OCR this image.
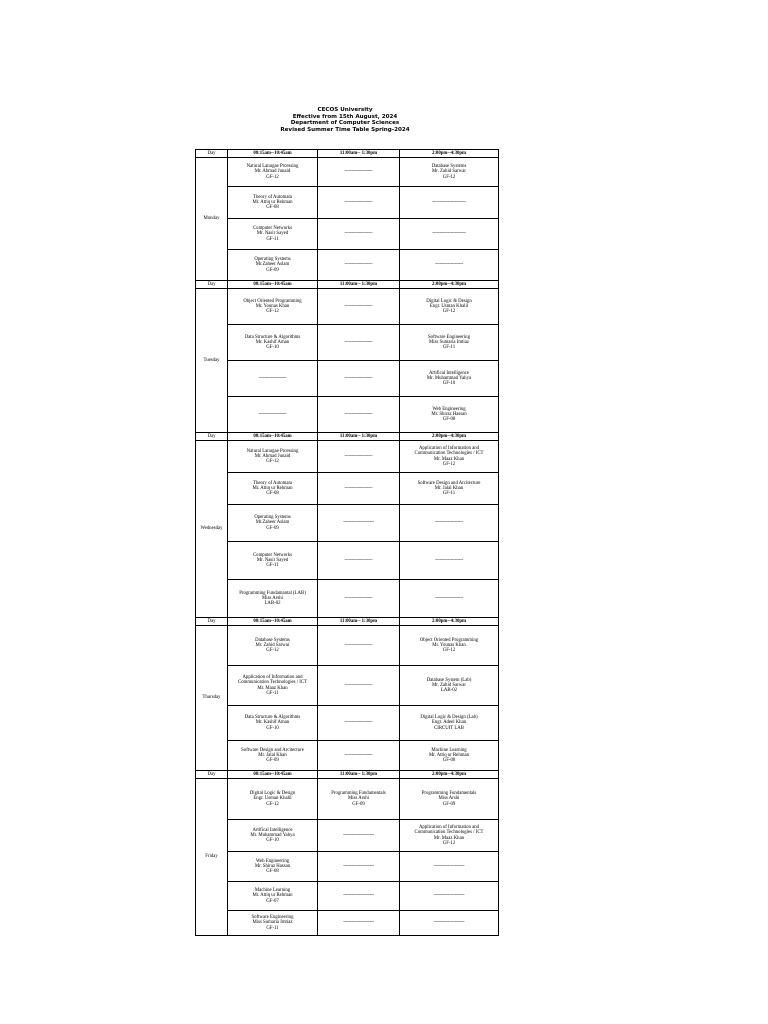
CECOS University
Effective from 15th August, 2024
Department of Computer Sciences
Revised Summer Time Table Spring-2024
Day	08:15am--10:45am	11:00am-- 1:30pm	2:00pm--4:30pm
Monday	Natural Lanugae Prcessing
Mr. Ahmad Junaid
GF-12	--------------------	Database Systems
Mr. Zahid Sarwar
GF-12

	Theory of Automata
Mr. Attiq ur Rehman
GF-08	--------------------	------------------------

	Computer Networks
Mr. Nasir Sayed
GF-11	--------------------	------------------------

	Operating Systems
Mr.Zaheer Aslam
GF-09	--------------------	--------------------
Day	08:15am--10:45am	11:00am-- 1:30pm	2:00pm--4:30pm
Tuesday	Object Oriented Programming
Mr. Younas Khan
GF-12	--------------------	Digital Logic & Design
Engr. Usman Khalil
GF-12

	Data Structure & Algorithms
Mr. Kashif Aman
GF-10	--------------------	Software Engineering
Miss Sumaria Imtiaz
GF-11

	--------------------	--------------------	Artifical Intelligence
Mr. Muhammad Yahya
GF-10

	--------------------	--------------------	Web Engineering
Mr. Shiraz Hassan
GF-08

Day	08:15am--10:45am	11:00am-- 1:30pm	2:00pm--4:30pm
Wednesday	Natural Lanugae Prcessing
Mr. Ahmad Junaid
GF-12	--------------------	Application of Information and
Communication Technologies / ICT
Mr. Maaz Khan
GF-12

	Theory of Automata
Mr. Attiq ur Rehman
GF-08	--------------------	Software Design and Arcitecture
Mr. Jalal Khan
GF-11

	Operating Systems
Mr.Zaheer Aslam
GF-09	----------------------	--------------------

	Computer Networks
Mr. Nasir Sayed
GF-11	--------------------	--------------------

	Programming Fundamantal (LAB)
Miss Arshi
LAB-02	--------------------	--------------------
Day	08:15am--10:45am	11:00am-- 1:30pm	2:00pm--4:30pm
Thursday	Database Systems
Mr. Zahid Sarwar
GF-12	--------------------	Object Oriented Programming
Mr. Younas Khan
GF-12

	Application of Information and
Communication Technologies / ICT
Mr. Maaz Khan
GF-11	--------------------	Database System (Lab)
Mr. Zahid Sarwar
LAB-02

	Data Structure & Algorithms
Mr. Kashif Aman
GF-10	--------------------	Digital Logic & Design (Lab)
Engr. Adeel Khan
CIRCUIT LAB

	Software Design and Arcitecture
Mr. Jalal Khan
GF-09	--------------------	Machine Learning
Mr. Attiq ur Rehman
GF-08

Day	08:15am--10:45am	11:00am-- 1:30pm	2:00pm--4:30pm
Friday	Digital Logic & Design
Engr. Usman Khalil
GF-12	Programming Fundamentals
Miss Arshi
GF-09	Programming Fundamentals
Miss Arshi
GF-09

	Artifical Intelligence
Mr. Muhammad Yahya
GF-10	----------------------	Application of Information and
Communication Technologies / ICT
Mr. Maaz Khan
GF-12

	Web Engineering
Mr. Shiraz Hassan
GF-08	----------------------	----------------------

	Machine Learning
Mr. Attiq ur Rehman
GF-07	----------------------	----------------------

	Software Engineering
Miss Sumaria Imtiaz
GF-11	----------------------	----------------------
